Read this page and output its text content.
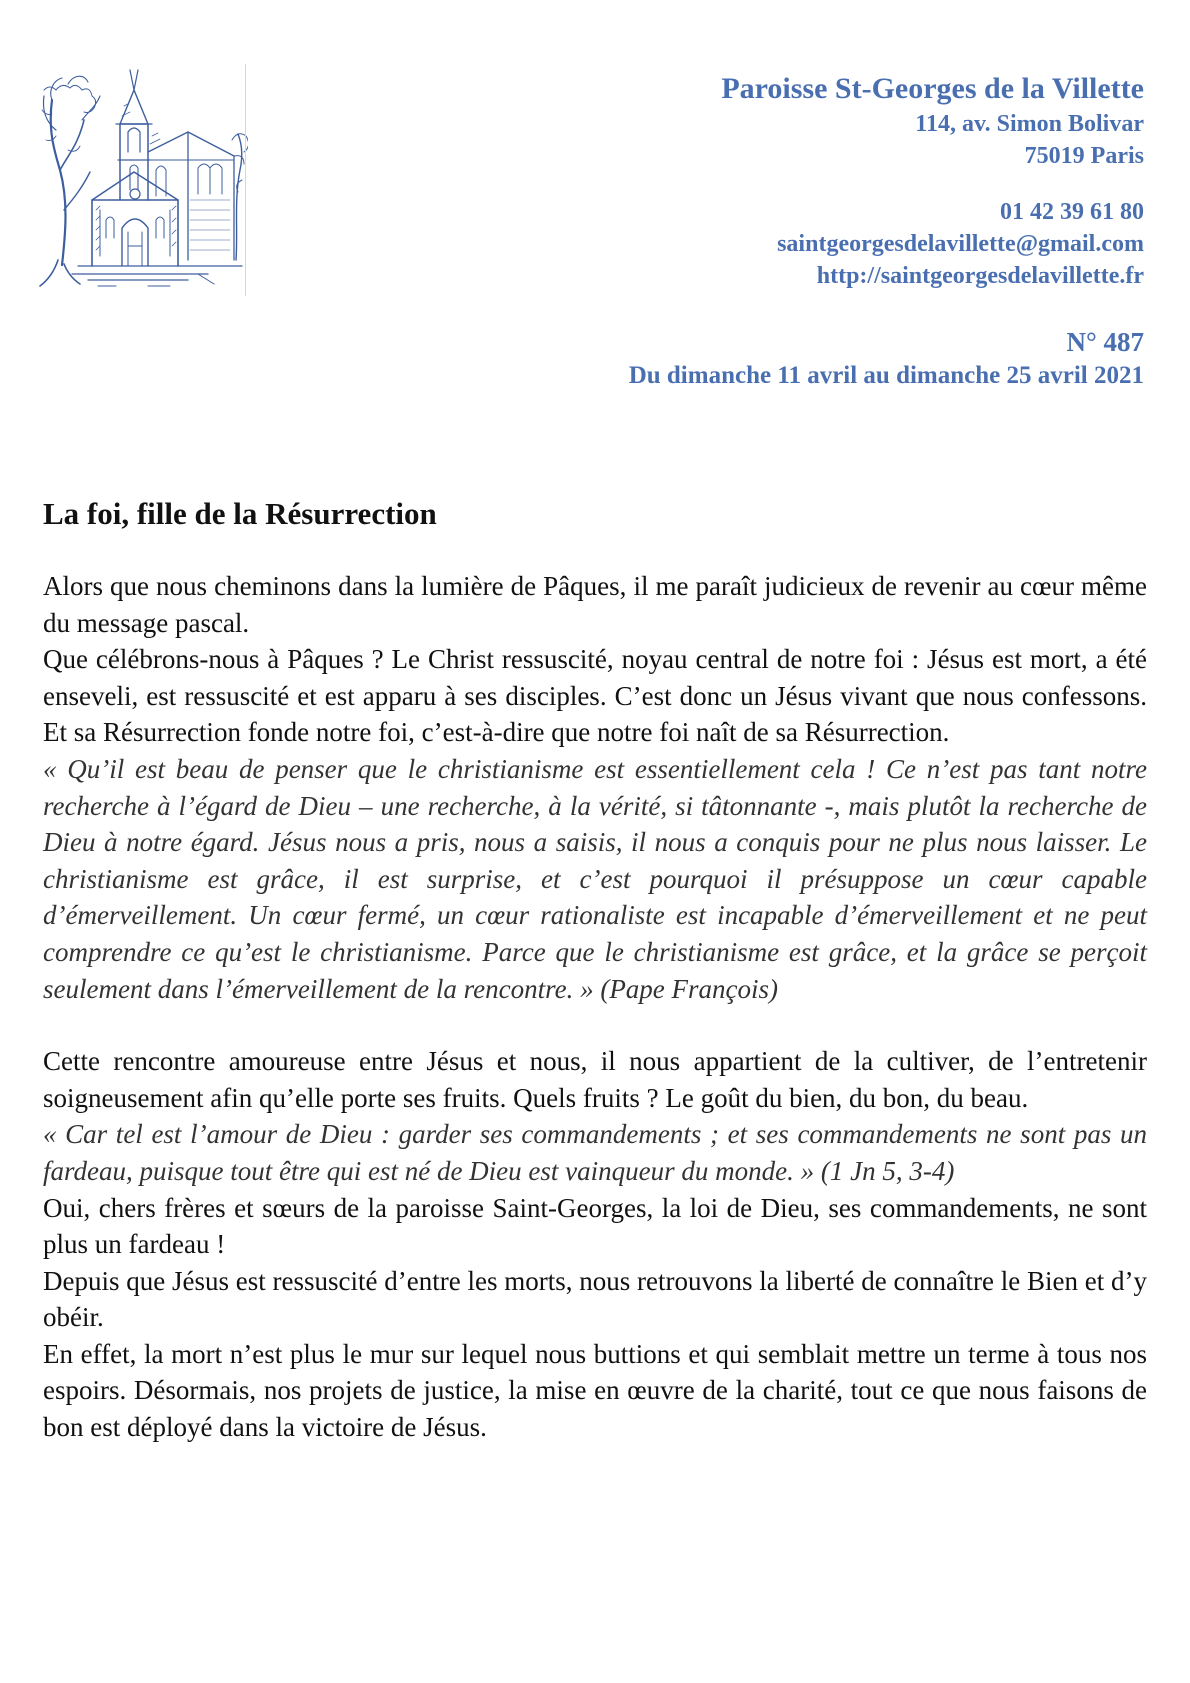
Paroisse St-Georges de la Villette
114, av. Simon Bolivar
75019 Paris
01 42 39 61 80
saintgeorgesdelavillette@gmail.com
http://saintgeorgesdelavillette.fr
N° 487
Du dimanche 11 avril au dimanche 25 avril 2021
La foi, fille de la Résurrection

Alors que nous cheminons dans la lumière de Pâques, il me paraît judicieux de revenir au cœur même du message pascal.

Que célébrons-nous à Pâques ? Le Christ ressuscité, noyau central de notre foi : Jésus est mort, a été enseveli, est ressuscité et est apparu à ses disciples. C’est donc un Jésus vivant que nous confessons. Et sa Résurrection fonde notre foi, c’est-à-dire que notre foi naît de sa Résurrection.

« Qu’il est beau de penser que le christianisme est essentiellement cela ! Ce n’est pas tant notre recherche à l’égard de Dieu – une recherche, à la vérité, si tâtonnante -, mais plutôt la recherche de Dieu à notre égard. Jésus nous a pris, nous a saisis, il nous a conquis pour ne plus nous laisser. Le christianisme est grâce, il est surprise, et c’est pourquoi il présuppose un cœur capable d’émerveillement. Un cœur fermé, un cœur rationaliste est incapable d’émerveillement et ne peut comprendre ce qu’est le christianisme. Parce que le christianisme est grâce, et la grâce se perçoit seulement dans l’émerveillement de la rencontre. » (Pape François)

Cette rencontre amoureuse entre Jésus et nous, il nous appartient de la cultiver, de l’entretenir soigneusement afin qu’elle porte ses fruits. Quels fruits ? Le goût du bien, du bon, du beau.

« Car tel est l’amour de Dieu : garder ses commandements ; et ses commandements ne sont pas un fardeau, puisque tout être qui est né de Dieu est vainqueur du monde. » (1 Jn 5, 3-4)

Oui, chers frères et sœurs de la paroisse Saint-Georges, la loi de Dieu, ses commandements, ne sont plus un fardeau !

Depuis que Jésus est ressuscité d’entre les morts, nous retrouvons la liberté de connaître le Bien et d’y obéir.

En effet, la mort n’est plus le mur sur lequel nous buttions et qui semblait mettre un terme à tous nos espoirs. Désormais, nos projets de justice, la mise en œuvre de la charité, tout ce que nous faisons de bon est déployé dans la victoire de Jésus.
